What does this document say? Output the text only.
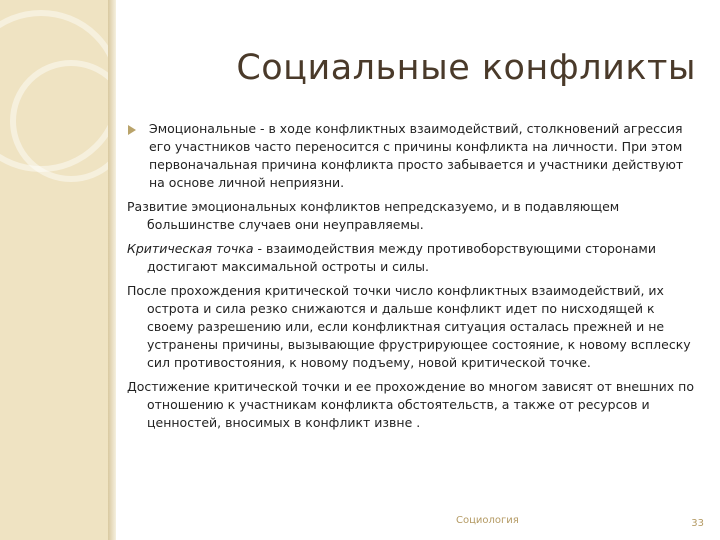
Социальные конфликты
Эмоциональные - в ходе конфликтных взаимодействий, столкновений агрессия его участников часто переносится с причины конфликта на личности. При этом первоначальная причина конфликта просто забывается и участники действуют на основе личной неприязни.
Развитие эмоциональных конфликтов непредсказуемо, и в подавляющем большинстве случаев они неуправляемы.
Критическая точка - взаимодействия между противоборствующими сторонами достигают максимальной остроты и силы.
После прохождения критической точки число конфликтных взаимодействий, их острота и сила резко снижаются и дальше конфликт идет по нисходящей к своему разрешению или, если конфликтная ситуация осталась прежней и не устранены причины, вызывающие фрустрирующее состояние, к новому всплеску сил противостояния, к новому подъему, новой критической точке.
Достижение критической точки и ее прохождение во многом зависят от внешних по отношению к участникам конфликта обстоятельств, а также от ресурсов и ценностей, вносимых в конфликт извне .
Социология	33
